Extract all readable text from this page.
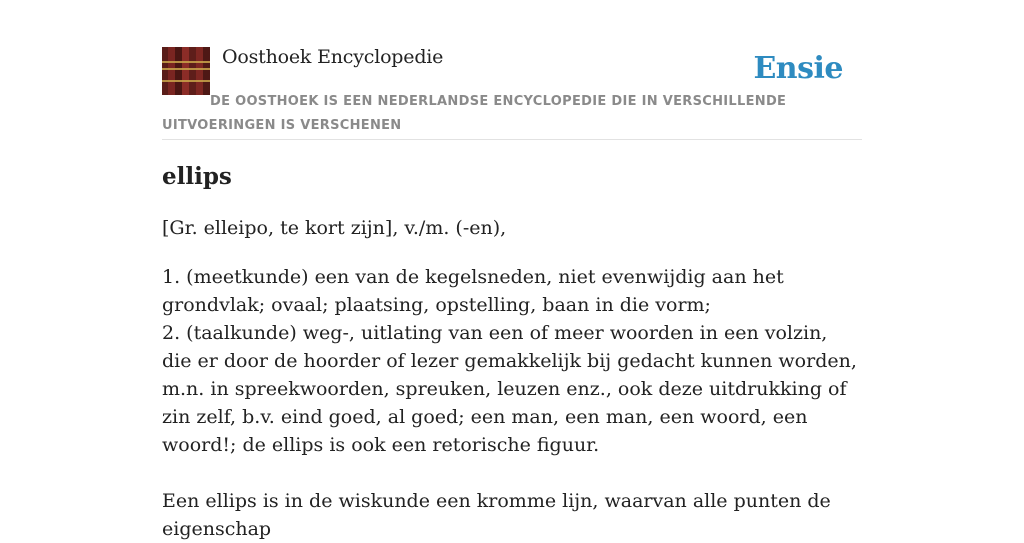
Oosthoek Encyclopedie	Ensie
DE OOSTHOEK IS EEN NEDERLANDSE ENCYCLOPEDIE DIE IN VERSCHILLENDE UITVOERINGEN IS VERSCHENEN
ellips
[Gr. elleipo, te kort zijn], v./m. (-en),

1. (meetkunde) een van de kegelsneden, niet evenwijdig aan het grondvlak; ovaal; plaatsing, opstelling, baan in die vorm;

2. (taalkunde) weg-, uitlating van een of meer woorden in een volzin, die er door de hoorder of lezer gemakkelijk bij gedacht kunnen worden, m.n. in spreekwoorden, spreuken, leuzen enz., ook deze uitdrukking of zin zelf, b.v. eind goed, al goed; een man, een man, een woord, een woord!; de ellips is ook een retorische figuur.

Een ellips is in de wiskunde een kromme lijn, waarvan alle punten de eigenschap
